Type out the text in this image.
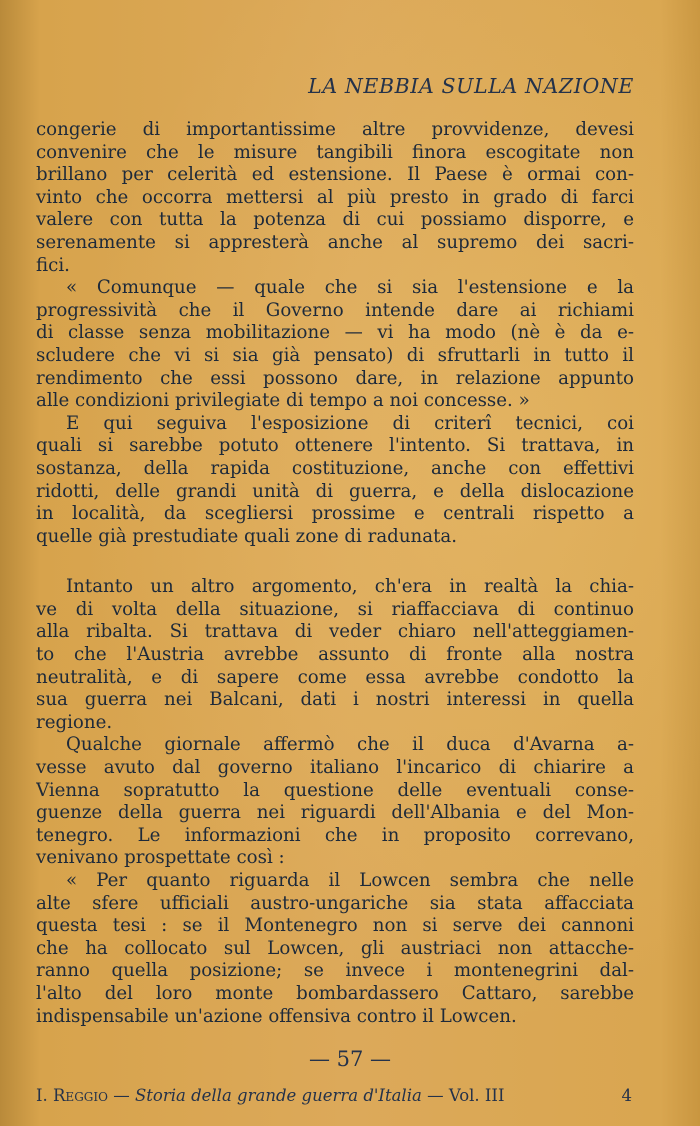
LA NEBBIA SULLA NAZIONE
congerie di importantissime altre provvidenze, devesi
convenire che le misure tangibili finora escogitate non
brillano per celerità ed estensione. Il Paese è ormai con-
vinto che occorra mettersi al più presto in grado di farci
valere con tutta la potenza di cui possiamo disporre, e
serenamente si appresterà anche al supremo dei sacri-
fici.
« Comunque — quale che si sia l'estensione e la
progressività che il Governo intende dare ai richiami
di classe senza mobilitazione — vi ha modo (nè è da e-
scludere che vi si sia già pensato) di sfruttarli in tutto il
rendimento che essi possono dare, in relazione appunto
alle condizioni privilegiate di tempo a noi concesse. »
E qui seguiva l'esposizione di criterî tecnici, coi
quali si sarebbe potuto ottenere l'intento. Si trattava, in
sostanza, della rapida costituzione, anche con effettivi
ridotti, delle grandi unità di guerra, e della dislocazione
in località, da scegliersi prossime e centrali rispetto a
quelle già prestudiate quali zone di radunata.
Intanto un altro argomento, ch'era in realtà la chia-
ve di volta della situazione, si riaffacciava di continuo
alla ribalta. Si trattava di veder chiaro nell'atteggiamen-
to che l'Austria avrebbe assunto di fronte alla nostra
neutralità, e di sapere come essa avrebbe condotto la
sua guerra nei Balcani, dati i nostri interessi in quella
regione.
Qualche giornale affermò che il duca d'Avarna a-
vesse avuto dal governo italiano l'incarico di chiarire a
Vienna sopratutto la questione delle eventuali conse-
guenze della guerra nei riguardi dell'Albania e del Mon-
tenegro. Le informazioni che in proposito correvano,
venivano prospettate così :
« Per quanto riguarda il Lowcen sembra che nelle
alte sfere ufficiali austro-ungariche sia stata affacciata
questa tesi : se il Montenegro non si serve dei cannoni
che ha collocato sul Lowcen, gli austriaci non attacche-
ranno quella posizione; se invece i montenegrini dal-
l'alto del loro monte bombardassero Cattaro, sarebbe
indispensabile un'azione offensiva contro il Lowcen.
— 57 —
I. Reggio — Storia della grande guerra d'Italia — Vol. III	4
